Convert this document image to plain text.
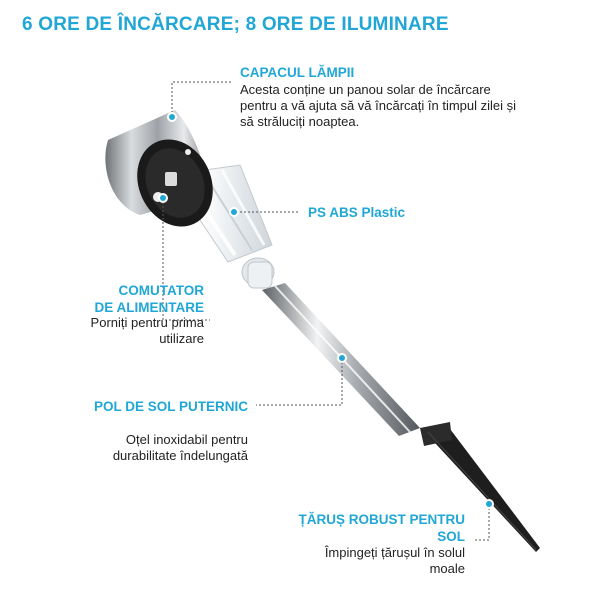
6 ORE DE ÎNCĂRCARE; 8 ORE DE ILUMINARE
CAPACUL LĂMPII
Acesta conține un panou solar de încărcare
pentru a vă ajuta să vă încărcați în timpul zilei și
să străluciți noaptea.
PS ABS Plastic
COMUTATOR
DE ALIMENTARE
Porniți pentru prima
utilizare
POL DE SOL PUTERNIC
Oțel inoxidabil pentru
durabilitate îndelungată
ȚĂRUȘ ROBUST PENTRU
SOL
Împingeți țărușul în solul
moale
